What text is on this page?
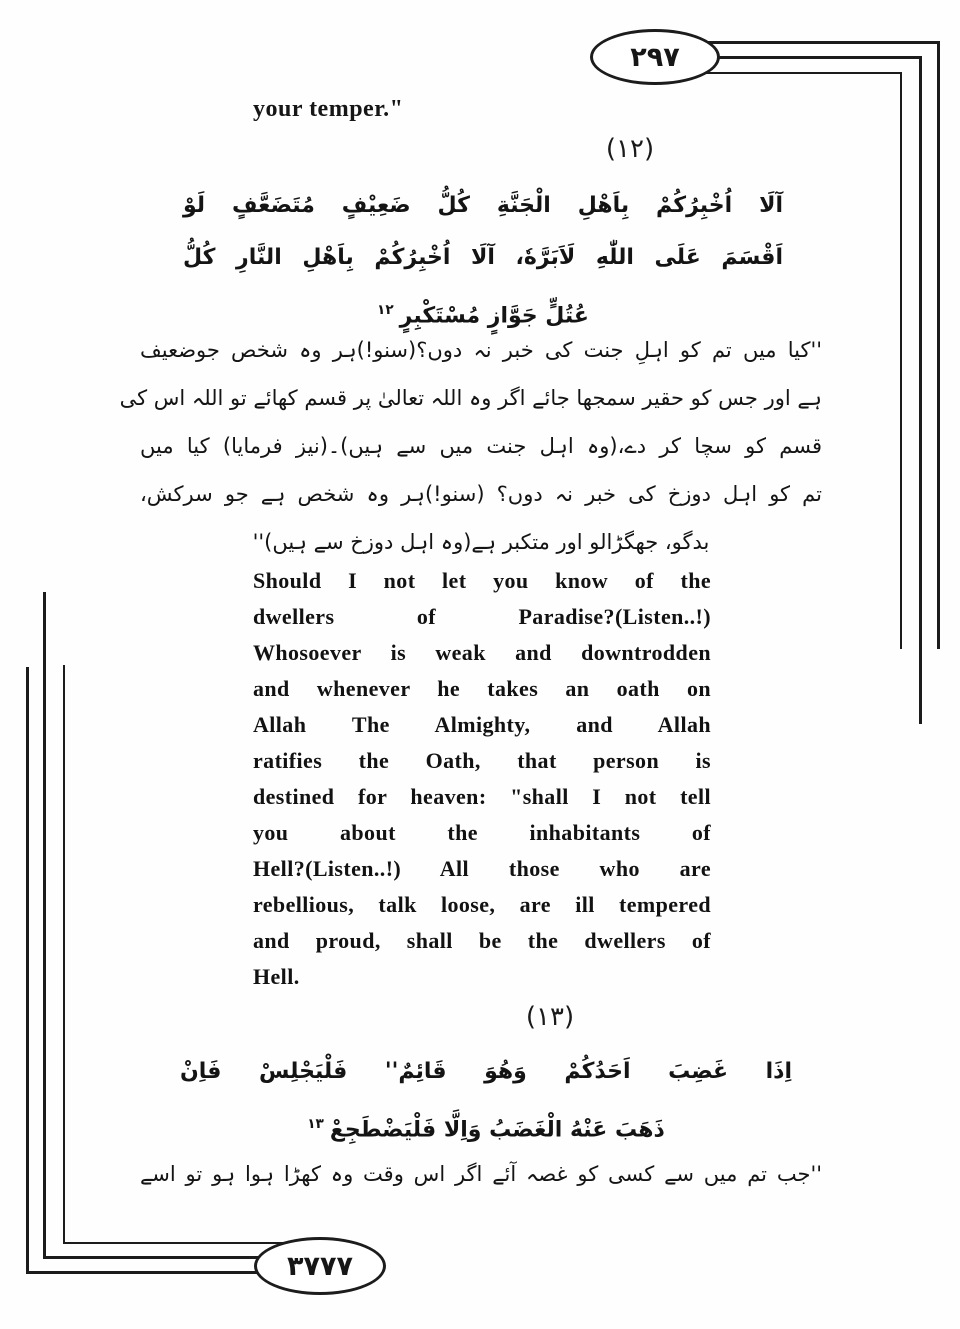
۲۹۷
۳۷۷۷
your temper."
(۱۲)
آلَا اُخْبِرُكُمْ بِاَهْلِ الْجَنَّةِ كُلُّ ضَعِيْفٍ مُتَضَعَّفٍ لَوْ
اَقْسَمَ عَلَى اللّٰهِ لَاَبَرَّهٗ، آلَا اُخْبِرُكُمْ بِاَهْلِ النَّارِ كُلُّ
عُتُلٍّ جَوَّازٍ مُسْتَكْبِرٍ$^{۱۲}$
''کیا میں تم کو اہلِ جنت کی خبر نہ دوں؟(سنو!)ہر وہ شخص جوضعیف
ہے اور جس کو حقیر سمجھا جائے اگر وہ اللہ تعالیٰ پر قسم کھائے تو اللہ اس کی
قسم کو سچا کر دے،(وہ اہل جنت میں سے ہیں)۔(نیز فرمایا) کیا میں
تم کو اہل دوزخ کی خبر نہ دوں؟ (سنو!)ہر وہ شخص ہے جو سرکش،
بدگو، جھگڑالو اور متکبر ہے(وہ اہل دوزخ سے ہیں)''
Should I not let you know of the
dwellers of Paradise?(Listen..!)
Whosoever is weak and downtrodden
and whenever he takes an oath on
Allah The Almighty, and Allah
ratifies the Oath, that person is
destined for heaven: "shall I not tell
you about the inhabitants of
Hell?(Listen..!) All those who are
rebellious, talk loose, are ill tempered
and proud, shall be the dwellers of
Hell.
(۱۳)
اِذَا غَضِبَ اَحَدُكُمْ وَهُوَ قَائِمٌ'' فَلْيَجْلِسْ فَاِنْ
ذَهَبَ عَنْهُ الْغَضَبُ وَاِلَّا فَلْيَضْطَجِعْ$^{۱۳}$
''جب تم میں سے کسی کو غصہ آئے اگر اس وقت وہ کھڑا ہوا ہو تو اسے
